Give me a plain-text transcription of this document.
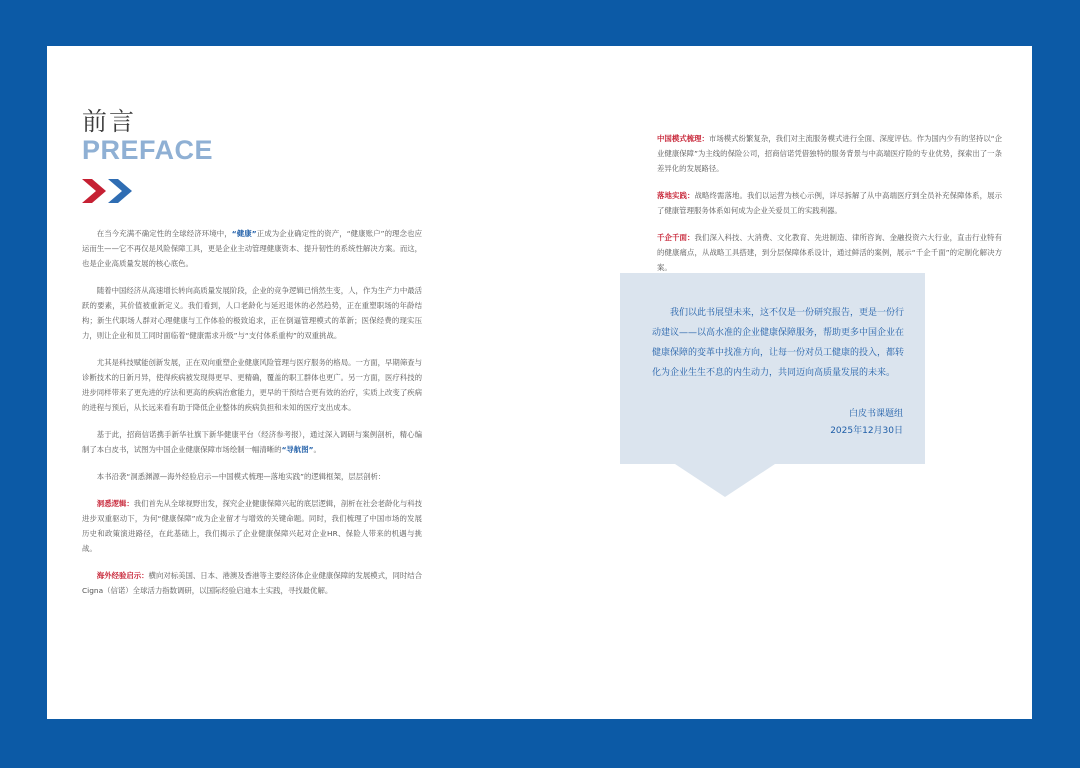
前言
PREFACE

在当今充满不确定性的全球经济环境中，“健康”正成为企业确定性的资产，“健康账户”的理念也应运而生——它不再仅是风险保障工具，更是企业主动管理健康资本、提升韧性的系统性解决方案。而这，也是企业高质量发展的核心底色。

随着中国经济从高速增长转向高质量发展阶段，企业的竞争逻辑已悄然生变，人，作为生产力中最活跃的要素，其价值被重新定义。我们看到，人口老龄化与延迟退休的必然趋势，正在重塑职场的年龄结构；新生代职场人群对心理健康与工作体验的极致追求，正在倒逼管理模式的革新；医保经费的现实压力，则让企业和员工同时面临着“健康需求升级”与“支付体系重构”的双重挑战。

尤其是科技赋能创新发展，正在双向重塑企业健康风险管理与医疗服务的格局。一方面，早期筛查与诊断技术的日新月异，使得疾病被发现得更早、更精确，覆盖的职工群体也更广。另一方面，医疗科技的进步同样带来了更先进的疗法和更高的疾病治愈能力，更早的干预结合更有效的治疗，实质上改变了疾病的进程与预后，从长远来看有助于降低企业整体的疾病负担和未知的医疗支出成本。

基于此，招商信诺携手新华社旗下新华健康平台（经济参考报），通过深入调研与案例剖析，精心编制了本白皮书，试图为中国企业健康保障市场绘制一幅清晰的“导航图”。

本书沿袭“洞悉渊源—海外经验启示—中国模式梳理—落地实践”的逻辑框架，层层剖析：

洞悉逻辑：我们首先从全球视野出发，探究企业健康保障兴起的底层逻辑，剖析在社会老龄化与科技进步双重驱动下，为何“健康保障”成为企业留才与增效的关键命题。同时，我们梳理了中国市场的发展历史和政策演进路径，在此基础上，我们揭示了企业健康保障兴起对企业HR、保险人带来的机遇与挑战。

海外经验启示：横向对标美国、日本、港澳及香港等主要经济体企业健康保障的发展模式，同时结合Cigna（信诺）全球活力指数调研，以国际经验启迪本土实践，寻找最优解。

中国模式梳理：市场模式纷繁复杂，我们对主流服务模式进行全面、深度评估。作为国内少有的坚持以“企业健康保障”为主线的保险公司，招商信诺凭借独特的服务背景与中高端医疗险的专业优势，探索出了一条差异化的发展路径。

落地实践：战略终需落地。我们以运营为核心示例，详尽拆解了从中高端医疗到全员补充保障体系，展示了健康管理服务体系如何成为企业关爱员工的实践利器。

千企千面：我们深入科技、大消费、文化教育、先进制造、律所咨询、金融投资六大行业，直击行业特有的健康痛点，从战略工具搭建，到分层保障体系设计，通过鲜活的案例，展示“千企千面”的定制化解决方案。

我们以此书展望未来，这不仅是一份研究报告，更是一份行动建议——以高水准的企业健康保障服务，帮助更多中国企业在健康保障的变革中找准方向，让每一份对员工健康的投入，都转化为企业生生不息的内生动力，共同迈向高质量发展的未来。
白皮书课题组
2025年12月30日
